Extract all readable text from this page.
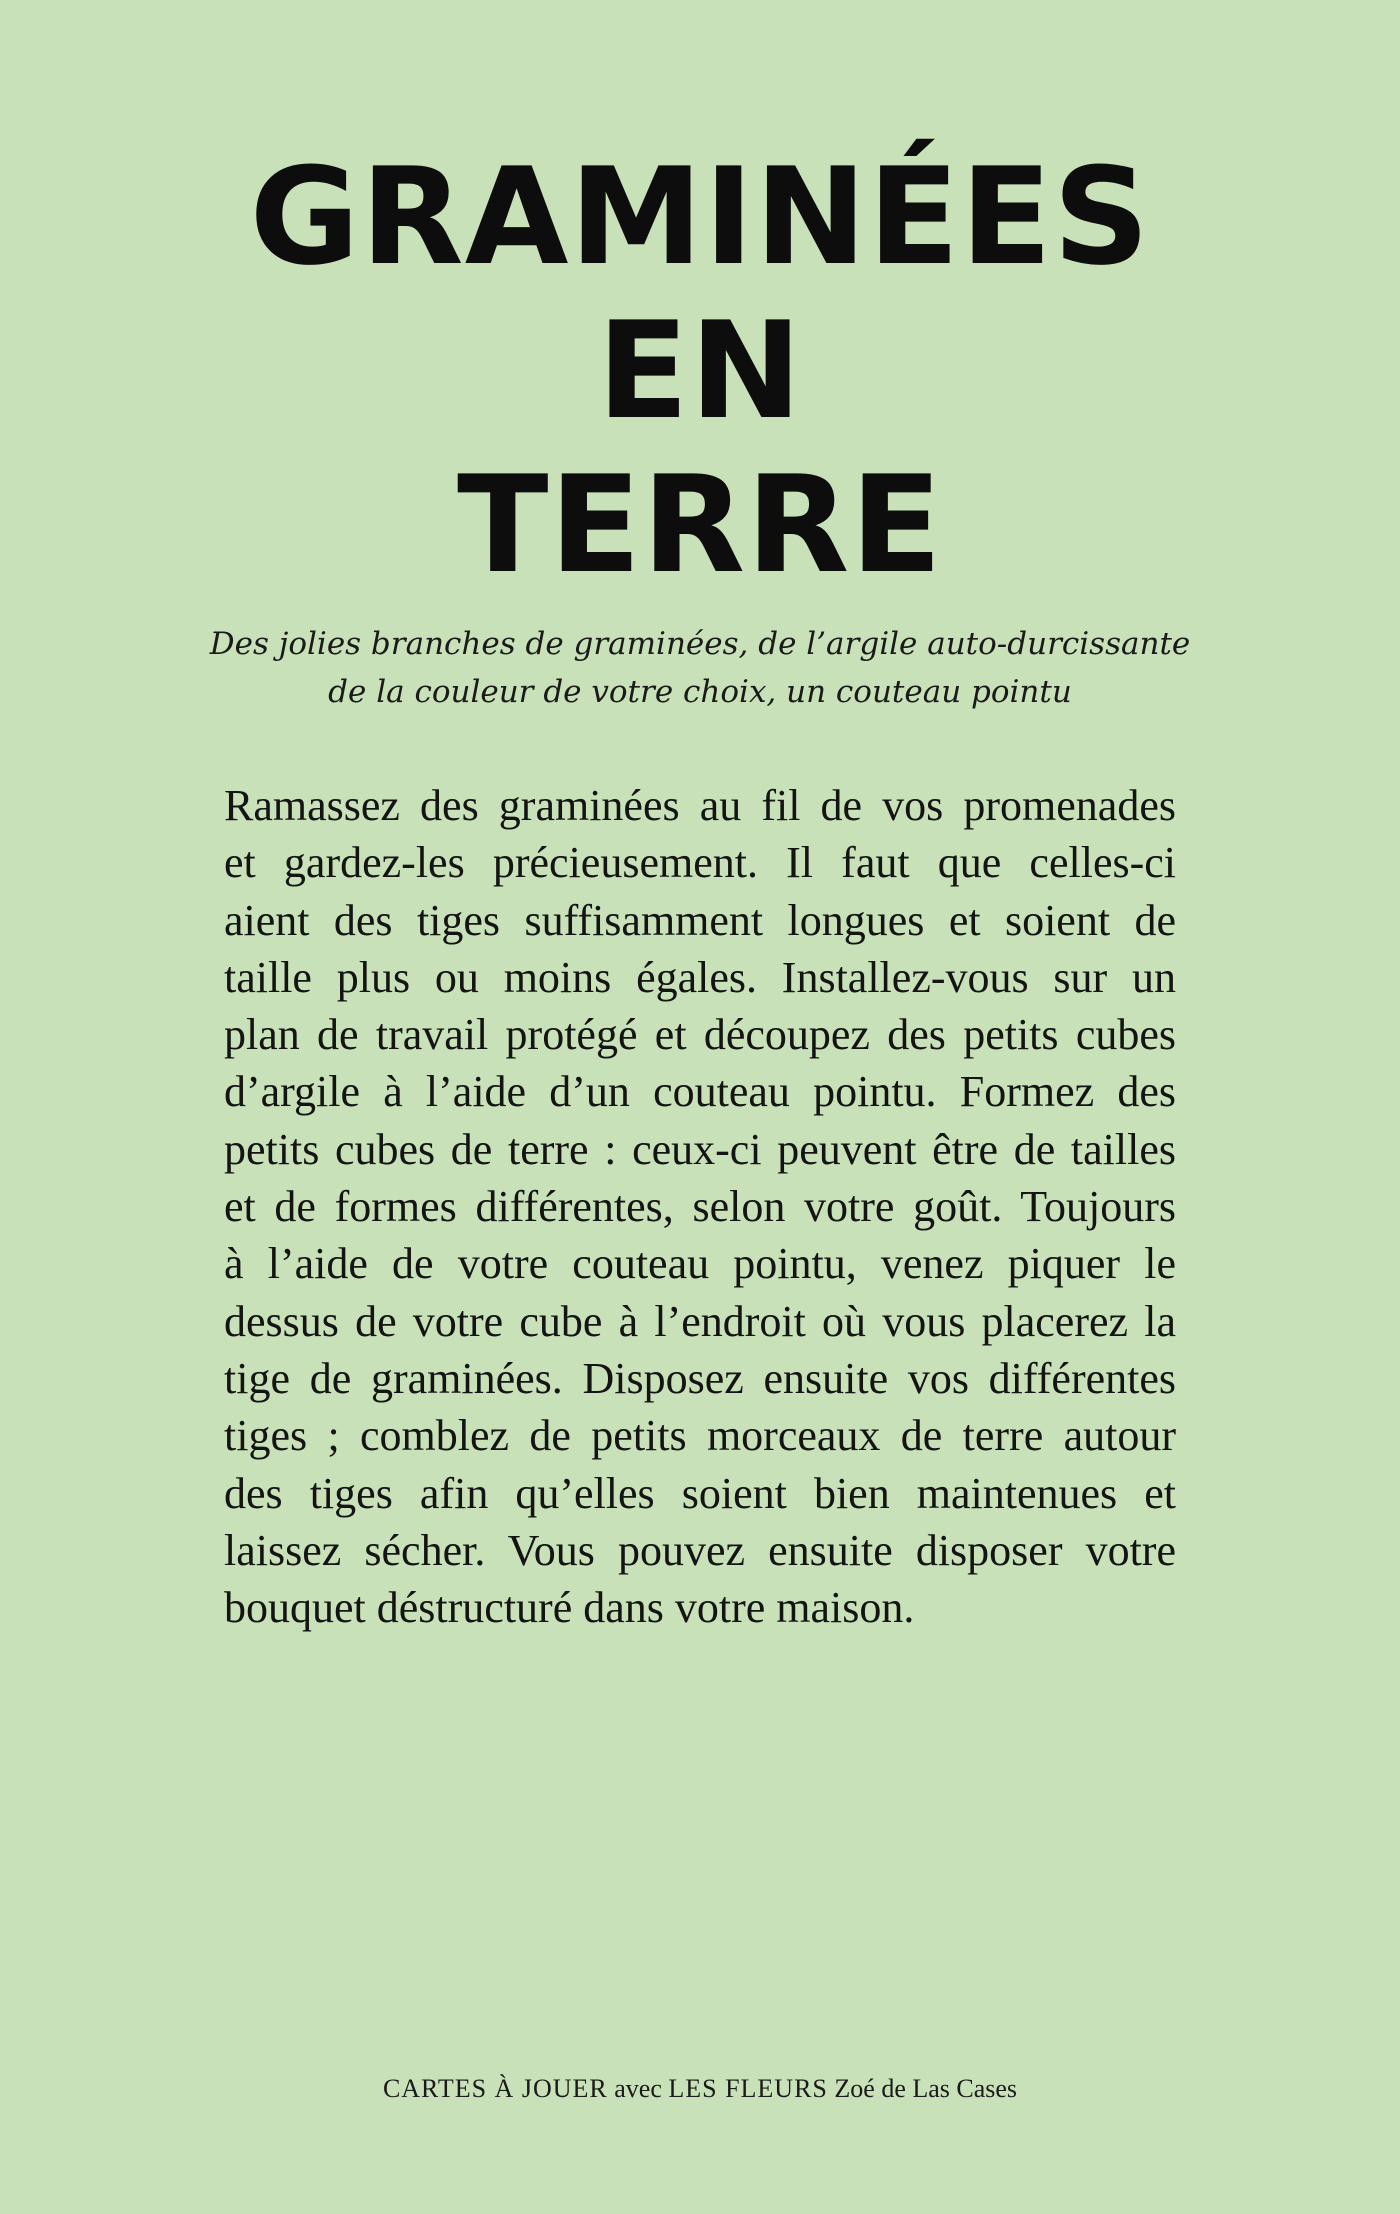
GRAMINÉES
EN
TERRE
Des jolies branches de graminées, de l’argile auto-durcissante
de la couleur de votre choix, un couteau pointu
Ramassez des graminées au fil de vos promenades
et gardez-les précieusement. Il faut que celles-ci
aient des tiges suffisamment longues et soient de
taille plus ou moins égales. Installez-vous sur un
plan de travail protégé et découpez des petits cubes
d’argile à l’aide d’un couteau pointu. Formez des
petits cubes de terre : ceux-ci peuvent être de tailles
et de formes différentes, selon votre goût. Toujours
à l’aide de votre couteau pointu, venez piquer le
dessus de votre cube à l’endroit où vous placerez la
tige de graminées. Disposez ensuite vos différentes
tiges ; comblez de petits morceaux de terre autour
des tiges afin qu’elles soient bien maintenues et
laissez sécher. Vous pouvez ensuite disposer votre
bouquet déstructuré dans votre maison.
CARTES À JOUER avec LES FLEURS Zoé de Las Cases
